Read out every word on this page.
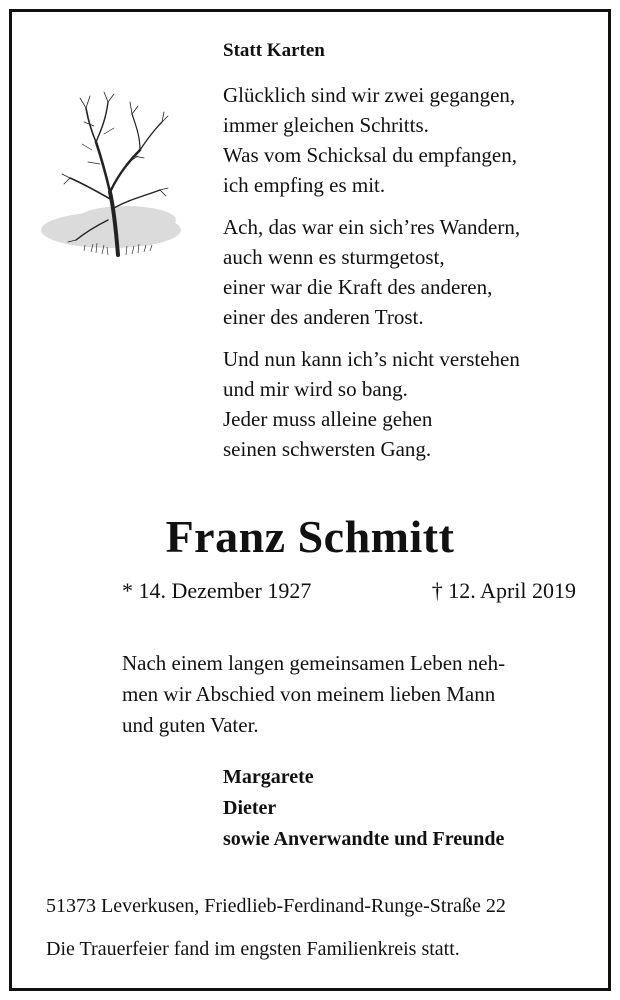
Statt Karten
Glücklich sind wir zwei gegangen,
immer gleichen Schritts.
Was vom Schicksal du empfangen,
ich empfing es mit.
Ach, das war ein sich’res Wandern,
auch wenn es sturmgetost,
einer war die Kraft des anderen,
einer des anderen Trost.
Und nun kann ich’s nicht verstehen
und mir wird so bang.
Jeder muss alleine gehen
seinen schwersten Gang.
Franz Schmitt
* 14. Dezember 1927	† 12. April 2019
Nach einem langen gemeinsamen Leben neh-
men wir Abschied von meinem lieben Mann
und guten Vater.
Margarete
Dieter
sowie Anverwandte und Freunde
51373 Leverkusen, Friedlieb-Ferdinand-Runge-Straße 22
Die Trauerfeier fand im engsten Familienkreis statt.
